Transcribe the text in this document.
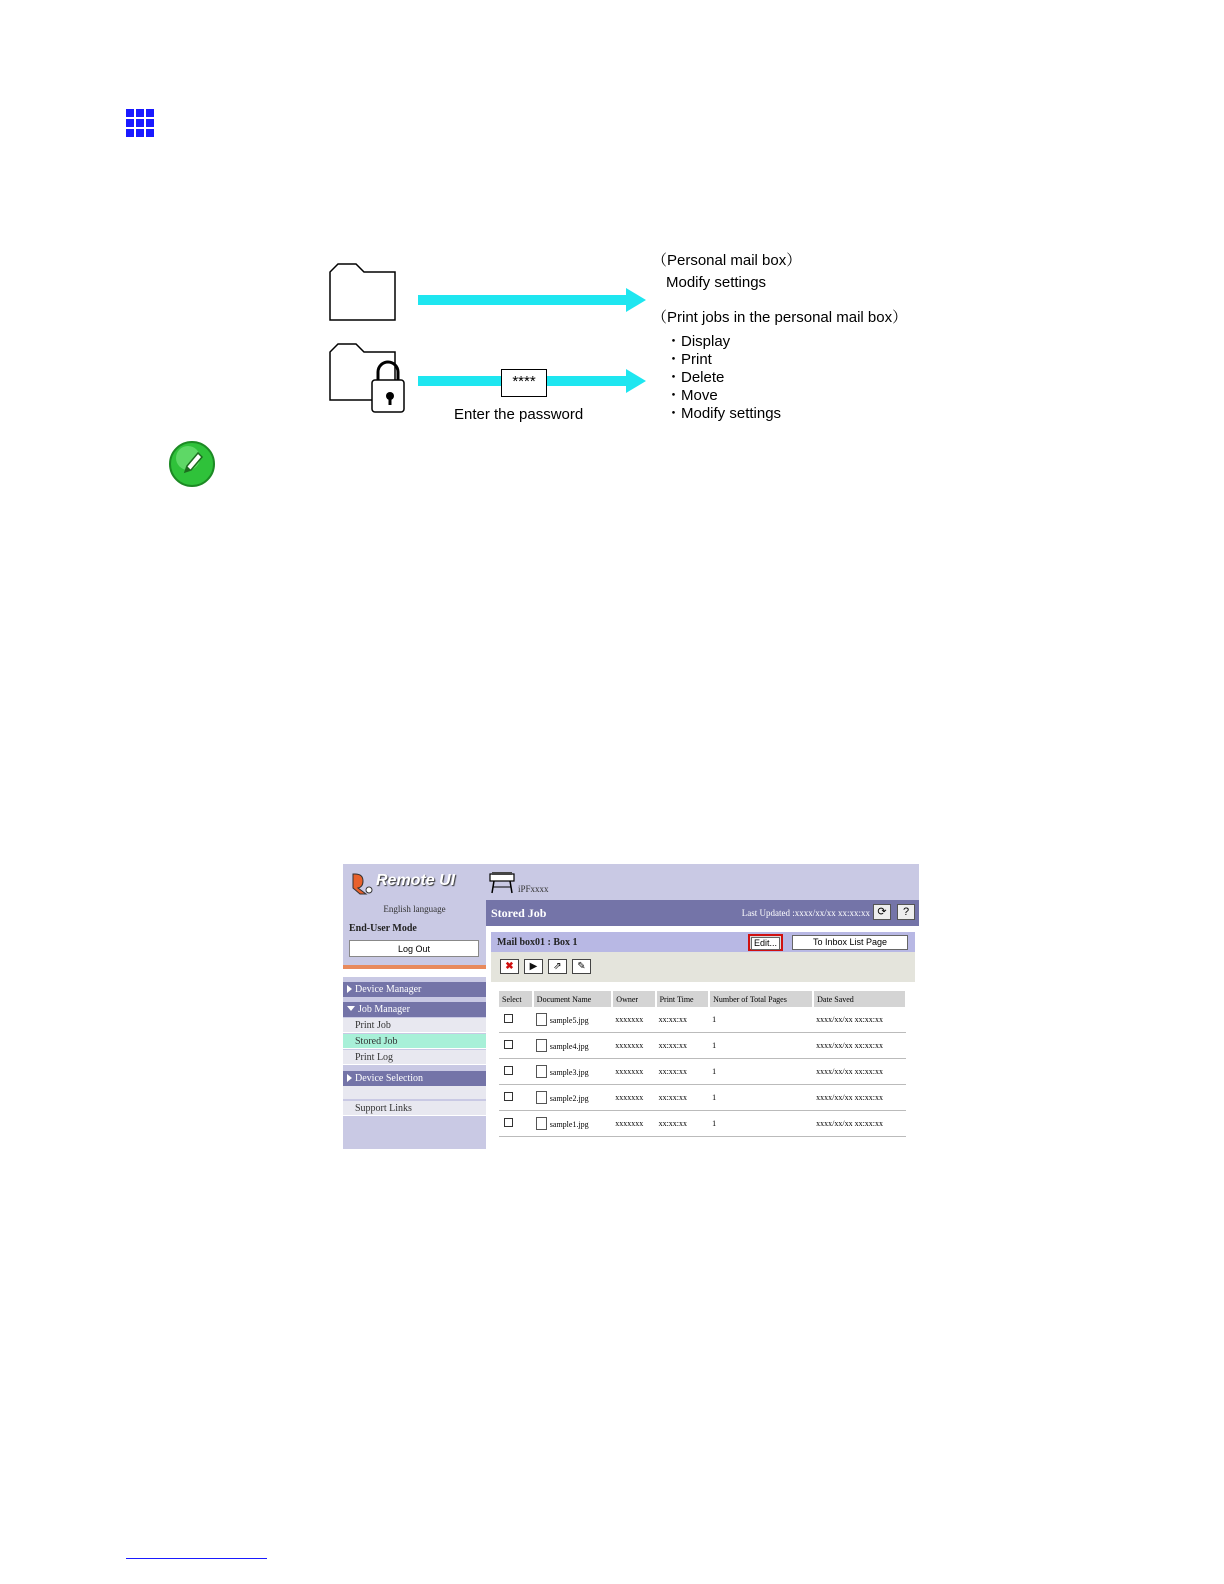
****
Enter the password
（Personal mail box）
Modify settings
（Print jobs in the personal mail box）
・Display
・Print
・Delete
・Move
・Modify settings
Remote UI
English language
End-User Mode
Log Out
Device Manager
Job Manager
Print Job
Stored Job
Print Log
Device Selection
Support Links
iPFxxxx
Stored Job	Last Updated :xxxx/xx/xx xx:xx:xx ⟳	?
Mail box01 : Box 1	Edit...	To Inbox List Page
✖	▶	⇗	✎
Select	Document Name	Owner	Print Time	Number of Total Pages	Date Saved
	sample5.jpg	xxxxxxx	xx:xx:xx	1	xxxx/xx/xx xx:xx:xx
	sample4.jpg	xxxxxxx	xx:xx:xx	1	xxxx/xx/xx xx:xx:xx
	sample3.jpg	xxxxxxx	xx:xx:xx	1	xxxx/xx/xx xx:xx:xx
	sample2.jpg	xxxxxxx	xx:xx:xx	1	xxxx/xx/xx xx:xx:xx
	sample1.jpg	xxxxxxx	xx:xx:xx	1	xxxx/xx/xx xx:xx:xx
